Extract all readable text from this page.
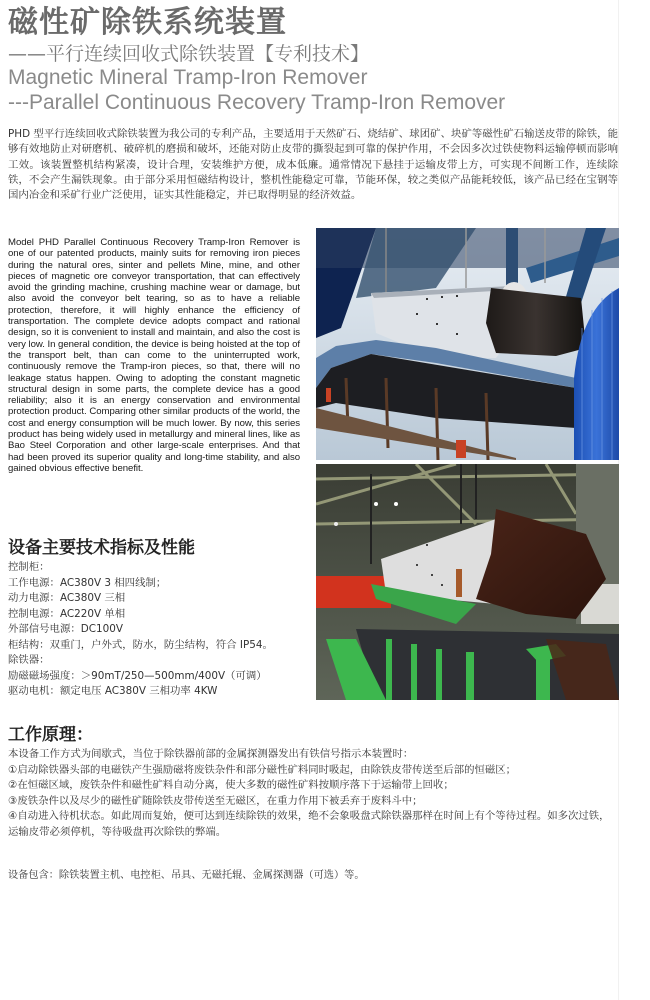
磁性矿除铁系统装置
——平行连续回收式除铁装置【专利技术】
Magnetic Mineral Tramp-Iron Remover
---Parallel Continuous Recovery Tramp-Iron Remover

PHD 型平行连续回收式除铁装置为我公司的专利产品，主要适用于天然矿石、烧结矿、球团矿、块矿等磁性矿石输送皮带的除铁，能够有效地防止对研磨机、破碎机的磨损和破坏，还能对防止皮带的撕裂起到可靠的保护作用，不会因多次过铁使物料运输停顿而影响工效。该装置整机结构紧凑，设计合理，安装维护方便，成本低廉。通常情况下悬挂于运输皮带上方，可实现不间断工作，连续除铁，不会产生漏铁现象。由于部分采用恒磁结构设计，整机性能稳定可靠，节能环保，较之类似产品能耗较低，该产品已经在宝钢等国内冶金和采矿行业广泛使用，证实其性能稳定，并已取得明显的经济效益。

Model PHD Parallel Continuous Recovery Tramp-Iron Remover is one of our patented products, mainly suits for removing iron pieces during the natural ores, sinter and pellets Mine, mine, and other pieces of magnetic ore conveyor transportation, that can effectively avoid the grinding machine, crushing machine wear or damage, but also avoid the conveyor belt tearing, so as to have a reliable protection, therefore, it will highly enhance the efficiency of transportation. The complete device adopts compact and rational design, so it is convenient to install and maintain, and also the cost is very low. In general condition, the device is being hoisted at the top of the transport belt, than can come to the uninterrupted work, continuously remove the Tramp-iron pieces, so that, there will no leakage status happen. Owing to adopting the constant magnetic structural design in some parts, the complete device has a good reliability; also it is an energy conservation and environmental protection product. Comparing other similar products of the world, the cost and energy consumption will be much lower. By now, this series product has being widely used in metallurgy and mineral lines, like as Bao Steel Corporation and other large-scale enterprises. And that had been proved its superior quality and long-time stability, and also gained obvious effective benefit.

设备主要技术指标及性能
控制柜：
工作电源：AC380V 3 相四线制；
动力电源：AC380V 三相
控制电源：AC220V 单相
外部信号电源：DC100V
柜结构：双重门，户外式，防水，防尘结构，符合 IP54。
除铁器：
励磁磁场强度：＞90mT/250—500mm/400V（可调）
驱动电机：额定电压 AC380V 三相功率 4KW
工作原理：
本设备工作方式为间歇式，当位于除铁器前部的金属探测器发出有铁信号指示本装置时：
①启动除铁器头部的电磁铁产生强励磁将废铁杂件和部分磁性矿料同时吸起，由除铁皮带传送至后部的恒磁区；
②在恒磁区域，废铁杂件和磁性矿料自动分离，使大多数的磁性矿料按顺序落下于运输带上回收；
③废铁杂件以及尽少的磁性矿随除铁皮带传送至无磁区，在重力作用下被丢弃于废料斗中；
④自动进入待机状态。如此周而复始，便可达到连续除铁的效果，绝不会象吸盘式除铁器那样在时间上有个等待过程。如多次过铁，运输皮带必须停机，等待吸盘再次除铁的弊端。
设备包含：除铁装置主机、电控柜、吊具、无磁托辊、金属探测器（可选）等。
